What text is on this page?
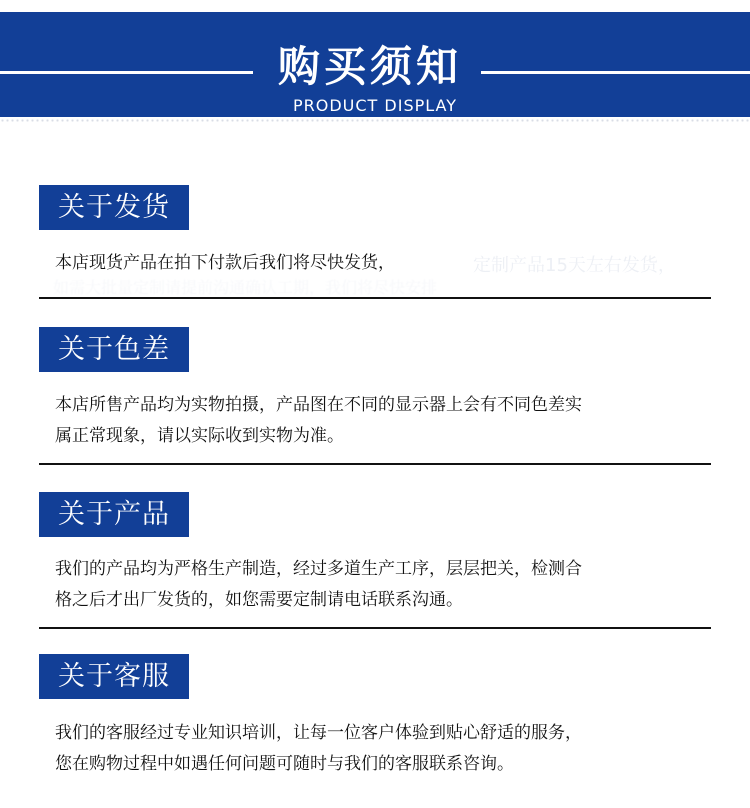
购买须知
PRODUCT DISPLAY
关于发货
本店现货产品在拍下付款后我们将尽快发货，	定制产品15天左右发货，
如需大批量定制请提前沟通确认工期，我们将尽快安排
关于色差
本店所售产品均为实物拍摄，产品图在不同的显示器上会有不同色差实
属正常现象，请以实际收到实物为准。
关于产品
我们的产品均为严格生产制造，经过多道生产工序，层层把关，检测合
格之后才出厂发货的，如您需要定制请电话联系沟通。
关于客服
我们的客服经过专业知识培训，让每一位客户体验到贴心舒适的服务，
您在购物过程中如遇任何问题可随时与我们的客服联系咨询。
